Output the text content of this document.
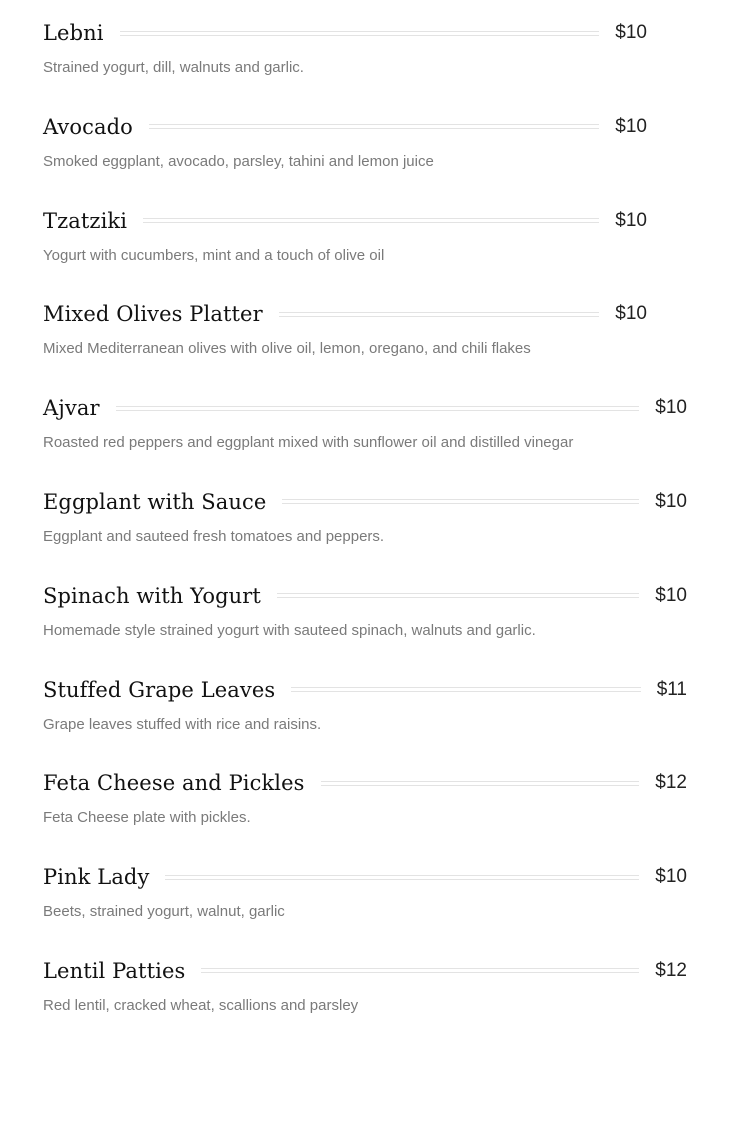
Lebni	$10
Strained yogurt, dill, walnuts and garlic.
Avocado	$10
Smoked eggplant, avocado, parsley, tahini and lemon juice
Tzatziki	$10
Yogurt with cucumbers, mint and a touch of olive oil
Mixed Olives Platter	$10
Mixed Mediterranean olives with olive oil, lemon, oregano, and chili flakes
Ajvar	$10
Roasted red peppers and eggplant mixed with sunflower oil and distilled vinegar
Eggplant with Sauce	$10
Eggplant and sauteed fresh tomatoes and peppers.
Spinach with Yogurt	$10
Homemade style strained yogurt with sauteed spinach, walnuts and garlic.
Stuffed Grape Leaves	$11
Grape leaves stuffed with rice and raisins.
Feta Cheese and Pickles	$12
Feta Cheese plate with pickles.
Pink Lady	$10
Beets, strained yogurt, walnut, garlic
Lentil Patties	$12
Red lentil, cracked wheat, scallions and parsley
